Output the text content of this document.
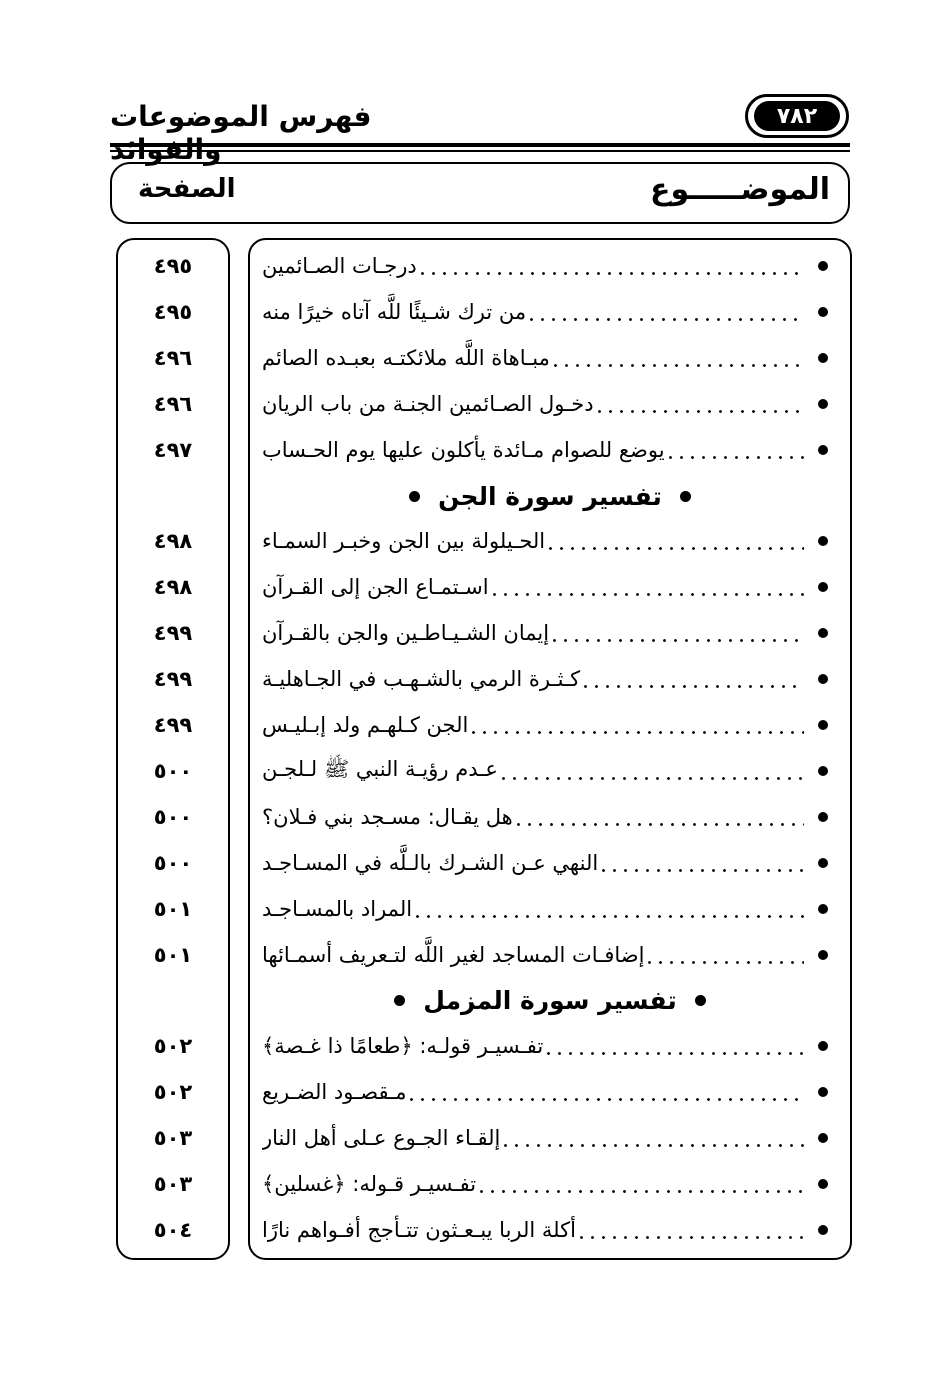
٧٨٢
فهرس الموضوعات
الموضـــــوع
الصفحة
درجـات الصـائمين
٤٩٥
من ترك شـيئًا للَّه آتاه خيرًا منه
٤٩٥
مبـاهاة اللَّه ملائكتـه بعبـده الصائم
٤٩٦
دخـول الصـائمين الجنـة من باب الريان
٤٩٦
يوضع للصوام مـائدة يأكلون عليها يوم الحـساب
٤٩٧
تفسير سورة الجن
الحـيلولة بين الجن وخبـر السمـاء
٤٩٨
اسـتمـاع الجن إلى القـرآن
٤٩٨
إيمان الشـيـاطـين والجن بالقـرآن
٤٩٩
كـثـرة الرمي بالشـهـب في الجـاهليـة
٤٩٩
الجن كـلهـم ولد إبـليـس
٤٩٩
عـدم رؤيـة النبي ﷺ لـلجـن
٥٠٠
هل يقـال: مسـجد بني فـلان؟
٥٠٠
النهي عـن الشـرك بالـلَّه في المسـاجـد
٥٠٠
المراد بالمسـاجـد
٥٠١
إضافـات المساجد لغير اللَّه لتـعريف أسمـائها
٥٠١
تفسير سورة المزمل
تفـسيـر قولـه: ﴿طعامًا ذا غـصة﴾
٥٠٢
مـقصـود الضـريع
٥٠٢
إلقـاء الجـوع عـلى أهل النار
٥٠٣
تفـسيـر قـوله: ﴿غسلين﴾
٥٠٣
أكلة الربا يبـعـثون تتـأجج أفـواهم نارًا
٥٠٤
